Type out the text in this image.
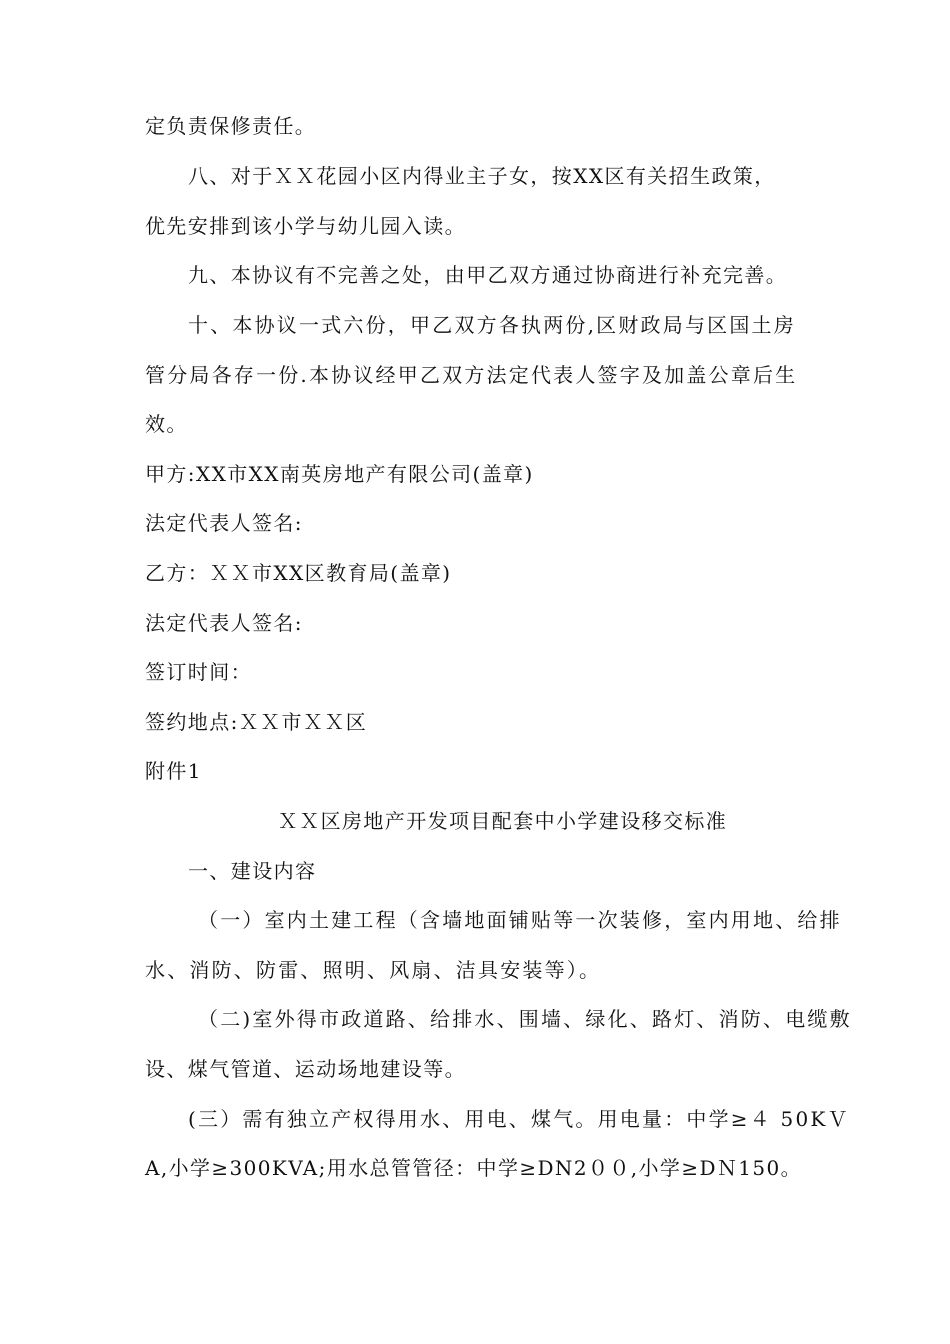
定负责保修责任。
八、对于ＸＸ花园小区内得业主子女，按XX区有关招生政策，
优先安排到该小学与幼儿园入读。
九、本协议有不完善之处，由甲乙双方通过协商进行补充完善。
十、本协议一式六份，甲乙双方各执两份,区财政局与区国土房
管分局各存一份.本协议经甲乙双方法定代表人签字及加盖公章后生
效。
甲方:XX市XX南英房地产有限公司(盖章)
法定代表人签名:
乙方：ＸＸ市XX区教育局(盖章)
法定代表人签名:
签订时间：
签约地点:ＸＸ市ＸＸ区
附件1
ＸＸ区房地产开发项目配套中小学建设移交标准
一、建设内容
（一）室内土建工程（含墙地面铺贴等一次装修，室内用地、给排
水、消防、防雷、照明、风扇、洁具安装等）。
（二)室外得市政道路、给排水、围墙、绿化、路灯、消防、电缆敷
设、煤气管道、运动场地建设等。
(三）需有独立产权得用水、用电、煤气。用电量：中学≥４ 50KＶ
A,小学≥300KVA;用水总管管径：中学≥DN2００,小学≥DＮ150。
